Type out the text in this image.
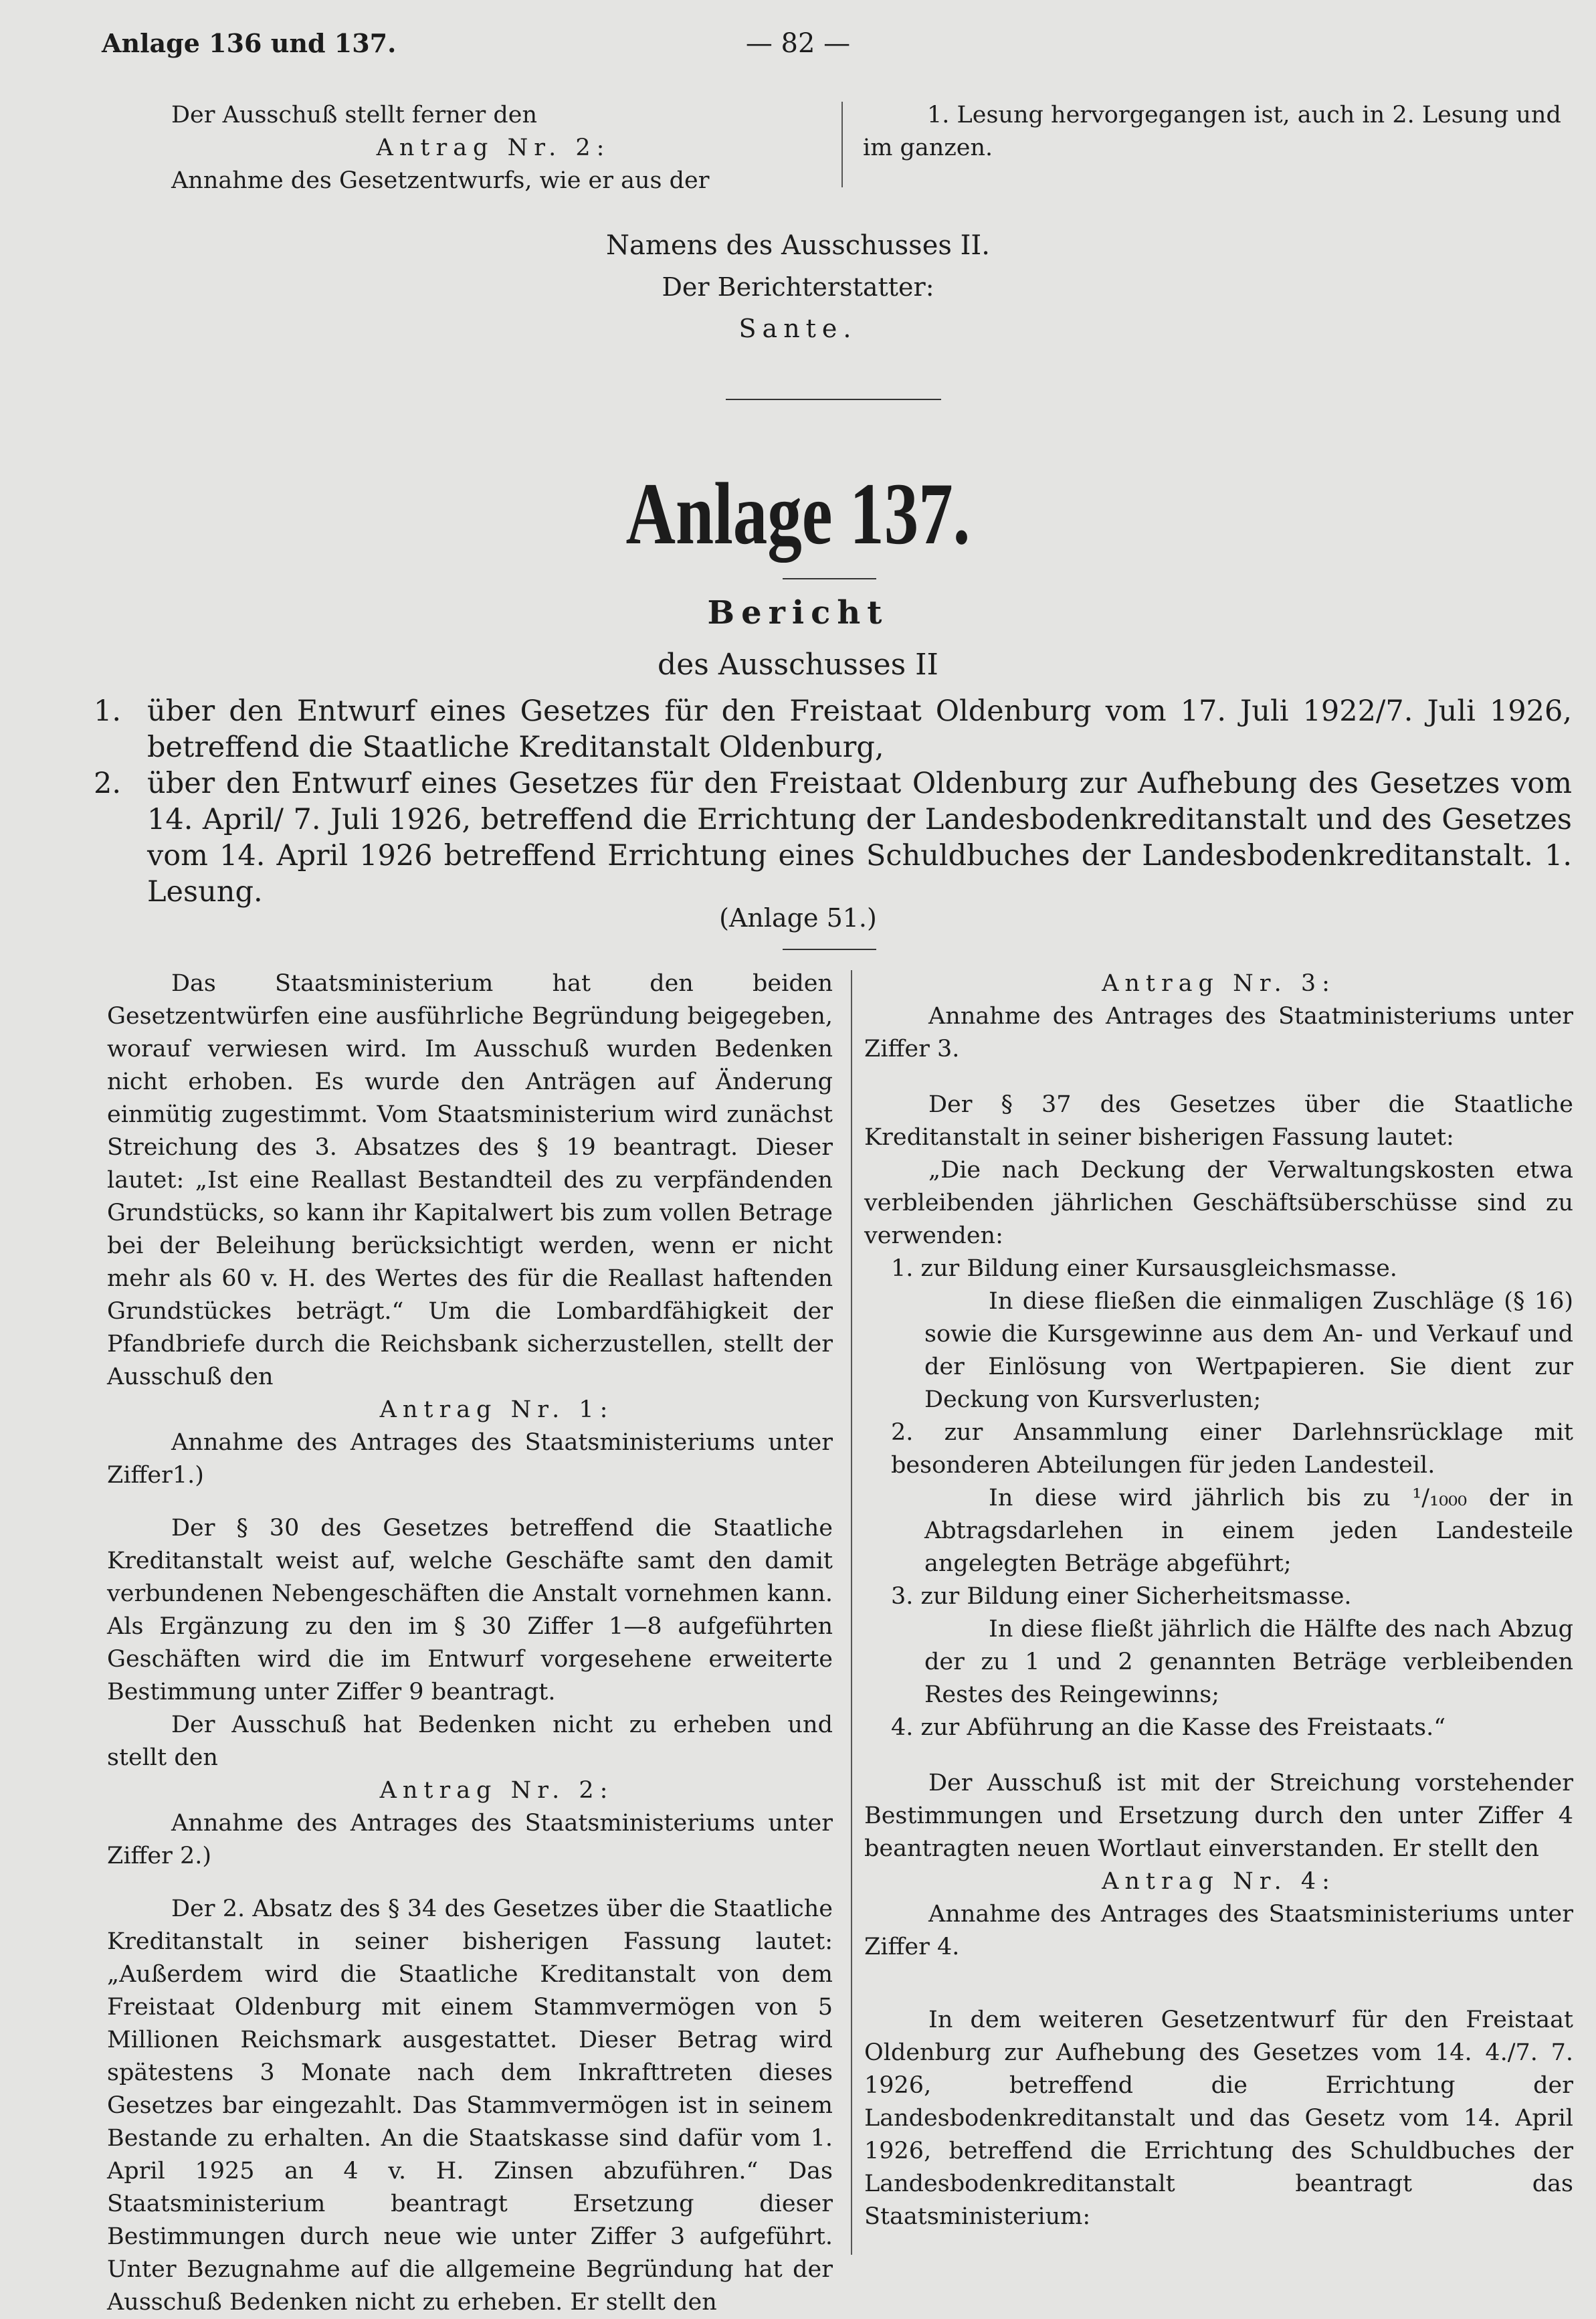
Anlage 136 und 137.	— 82 —

Der Ausschuß stellt ferner den

Antrag Nr. 2:

Annahme des Gesetzentwurfs, wie er aus der

1. Lesung hervorgegangen ist, auch in 2. Lesung und

im ganzen.

Namens des Ausschusses II.
Der Berichterstatter:
Sante.
Anlage 137.
Bericht
des Ausschusses II

1. über den Entwurf eines Gesetzes für den Freistaat Oldenburg vom 17. Juli 1922/7. Juli 1926, betreffend die Staatliche Kreditanstalt Oldenburg,

2. über den Entwurf eines Gesetzes für den Freistaat Oldenburg zur Aufhebung des Gesetzes vom 14. April/ 7. Juli 1926, betreffend die Errichtung der Landesbodenkreditanstalt und des Gesetzes vom 14. April 1926 betreffend Errichtung eines Schuldbuches der Landesbodenkreditanstalt. 1. Lesung.

(Anlage 51.)

Das Staatsministerium hat den beiden Gesetzentwürfen eine ausführliche Begründung beigegeben, worauf verwiesen wird. Im Ausschuß wurden Bedenken nicht erhoben. Es wurde den Anträgen auf Änderung einmütig zugestimmt. Vom Staatsministerium wird zunächst Streichung des 3. Absatzes des § 19 beantragt. Dieser lautet: „Ist eine Reallast Bestandteil des zu verpfändenden Grundstücks, so kann ihr Kapitalwert bis zum vollen Betrage bei der Beleihung berücksichtigt werden, wenn er nicht mehr als 60 v. H. des Wertes des für die Reallast haftenden Grundstückes beträgt.“ Um die Lombardfähigkeit der Pfandbriefe durch die Reichsbank sicherzustellen, stellt der Ausschuß den

Antrag Nr. 1:

Annahme des Antrages des Staatsministeriums unter Ziffer1.)

Der § 30 des Gesetzes betreffend die Staatliche Kreditanstalt weist auf, welche Geschäfte samt den damit verbundenen Nebengeschäften die Anstalt vornehmen kann. Als Ergänzung zu den im § 30 Ziffer 1—8 aufgeführten Geschäften wird die im Entwurf vorgesehene erweiterte Bestimmung unter Ziffer 9 beantragt.

Der Ausschuß hat Bedenken nicht zu erheben und stellt den

Antrag Nr. 2:

Annahme des Antrages des Staatsministeriums unter Ziffer 2.)

Der 2. Absatz des § 34 des Gesetzes über die Staatliche Kreditanstalt in seiner bisherigen Fassung lautet: „Außerdem wird die Staatliche Kreditanstalt von dem Freistaat Oldenburg mit einem Stammvermögen von 5 Millionen Reichsmark ausgestattet. Dieser Betrag wird spätestens 3 Monate nach dem Inkrafttreten dieses Gesetzes bar eingezahlt. Das Stammvermögen ist in seinem Bestande zu erhalten. An die Staatskasse sind dafür vom 1. April 1925 an 4 v. H. Zinsen abzuführen.“ Das Staatsministerium beantragt Ersetzung dieser Bestimmungen durch neue wie unter Ziffer 3 aufgeführt. Unter Bezugnahme auf die allgemeine Begründung hat der Ausschuß Bedenken nicht zu erheben. Er stellt den

Antrag Nr. 3:

Annahme des Antrages des Staatministeriums unter Ziffer 3.

Der § 37 des Gesetzes über die Staatliche Kreditanstalt in seiner bisherigen Fassung lautet:

„Die nach Deckung der Verwaltungskosten etwa verbleibenden jährlichen Geschäftsüberschüsse sind zu verwenden:

1. zur Bildung einer Kursausgleichsmasse.

In diese fließen die einmaligen Zuschläge (§ 16) sowie die Kursgewinne aus dem An- und Verkauf und der Einlösung von Wertpapieren. Sie dient zur Deckung von Kursverlusten;

2. zur Ansammlung einer Darlehnsrücklage mit besonderen Abteilungen für jeden Landesteil.

In diese wird jährlich bis zu ¹/₁₀₀₀ der in Abtragsdarlehen in einem jeden Landesteile angelegten Beträge abgeführt;

3. zur Bildung einer Sicherheitsmasse.

In diese fließt jährlich die Hälfte des nach Abzug der zu 1 und 2 genannten Beträge verbleibenden Restes des Reingewinns;

4. zur Abführung an die Kasse des Freistaats.“

Der Ausschuß ist mit der Streichung vorstehender Bestimmungen und Ersetzung durch den unter Ziffer 4 beantragten neuen Wortlaut einverstanden. Er stellt den

Antrag Nr. 4:

Annahme des Antrages des Staatsministeriums unter Ziffer 4.

In dem weiteren Gesetzentwurf für den Freistaat Oldenburg zur Aufhebung des Gesetzes vom 14. 4./7. 7. 1926, betreffend die Errichtung der Landesbodenkreditanstalt und das Gesetz vom 14. April 1926, betreffend die Errichtung des Schuldbuches der Landesbodenkreditanstalt beantragt das Staatsministerium:
